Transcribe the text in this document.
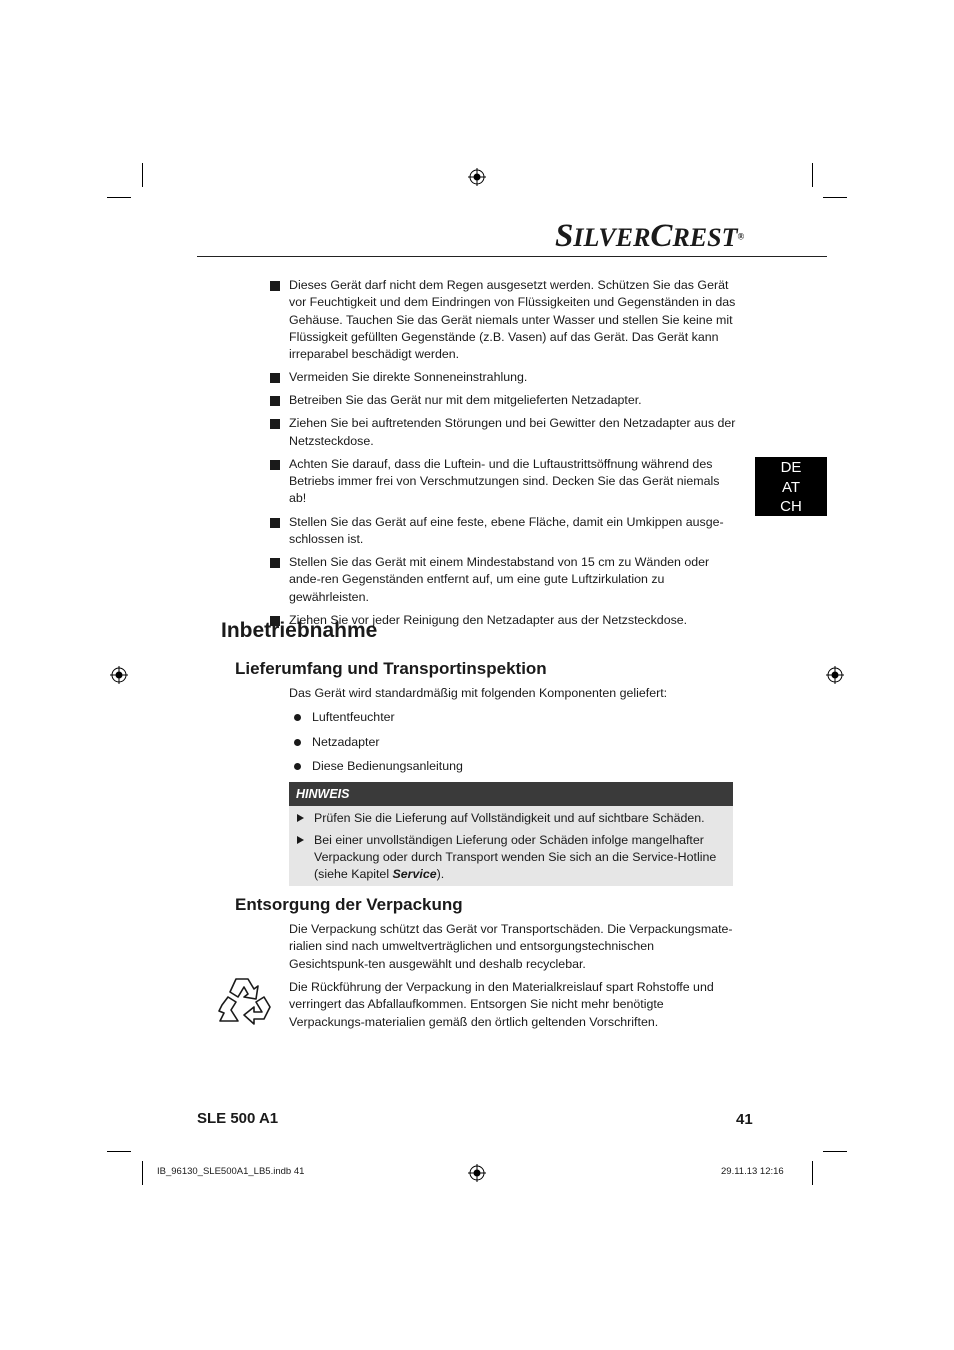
SILVERCREST®
Dieses Gerät darf nicht dem Regen ausgesetzt werden. Schützen Sie das Gerät vor Feuchtigkeit und dem Eindringen von Flüssigkeiten und Gegenständen in das Gehäuse. Tauchen Sie das Gerät niemals unter Wasser und stellen Sie keine mit Flüssigkeit gefüllten Gegenstände (z.B. Vasen) auf das Gerät. Das Gerät kann irreparabel beschädigt werden.
Vermeiden Sie direkte Sonneneinstrahlung.
Betreiben Sie das Gerät nur mit dem mitgelieferten Netzadapter.
Ziehen Sie bei auftretenden Störungen und bei Gewitter den Netzadapter aus der Netzsteckdose.
Achten Sie darauf, dass die Luftein- und die Luftaustrittsöffnung während des Betriebs immer frei von Verschmutzungen sind. Decken Sie das Gerät niemals ab!
Stellen Sie das Gerät auf eine feste, ebene Fläche, damit ein Umkippen ausge-schlossen ist.
Stellen Sie das Gerät mit einem Mindestabstand von 15 cm zu Wänden oder ande-ren Gegenständen entfernt auf, um eine gute Luftzirkulation zu gewährleisten.
Ziehen Sie vor jeder Reinigung den Netzadapter aus der Netzsteckdose.
DE
AT
CH
Inbetriebnahme
Lieferumfang und Transportinspektion
Das Gerät wird standardmäßig mit folgenden Komponenten geliefert:
Luftentfeuchter
Netzadapter
Diese Bedienungsanleitung
HINWEIS
Prüfen Sie die Lieferung auf Vollständigkeit und auf sichtbare Schäden.
Bei einer unvollständigen Lieferung oder Schäden infolge mangelhafter Verpackung oder durch Transport wenden Sie sich an die Service-Hotline (siehe Kapitel Service).
Entsorgung der Verpackung
Die Verpackung schützt das Gerät vor Transportschäden. Die Verpackungsmate-rialien sind nach umweltverträglichen und entsorgungstechnischen Gesichtspunk-ten ausgewählt und deshalb recyclebar.
Die Rückführung der Verpackung in den Materialkreislauf spart Rohstoffe und verringert das Abfallaufkommen. Entsorgen Sie nicht mehr benötigte Verpackungs-materialien gemäß den örtlich geltenden Vorschriften.
SLE 500 A1	41
IB_96130_SLE500A1_LB5.indb 41	29.11.13 12:16
